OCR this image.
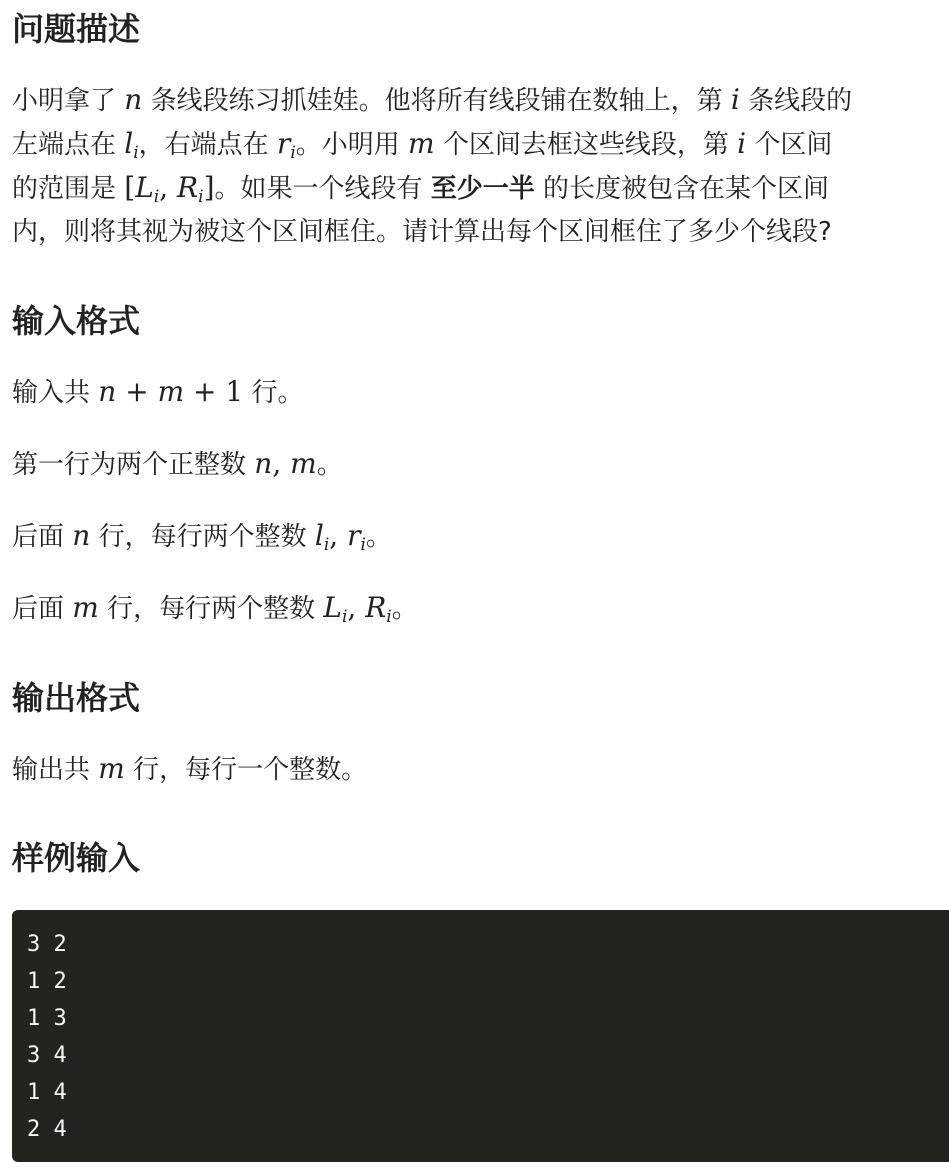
问题描述

小明拿了 n 条线段练习抓娃娃。他将所有线段铺在数轴上，第 i 条线段的

左端点在 $l_i$，右端点在 $r_i$。小明用 m 个区间去框这些线段，第 i 个区间

的范围是 [$L_i$, $R_i$]。如果一个线段有 至少一半 的长度被包含在某个区间

内，则将其视为被这个区间框住。请计算出每个区间框住了多少个线段?

输入格式

输入共 n + m + 1 行。

第一行为两个正整数 n, m。

后面 n 行，每行两个整数 $l_i$, $r_i$。

后面 m 行，每行两个整数 $L_i$, $R_i$。

输出格式

输出共 m 行，每行一个整数。

样例输入
3 2
1 2
1 3
3 4
1 4
2 4
